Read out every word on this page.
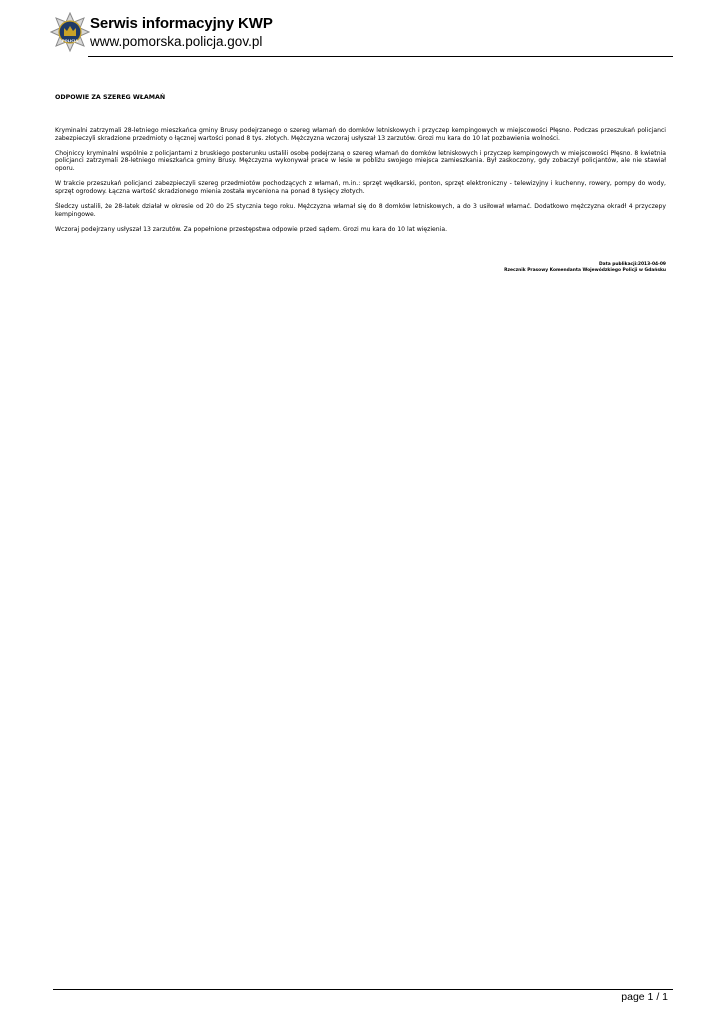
POLICJA
Serwis informacyjny KWP
www.pomorska.policja.gov.pl
ODPOWIE ZA SZEREG WŁAMAŃ

Kryminalni zatrzymali 28-letniego mieszkańca gminy Brusy podejrzanego o szereg włamań do domków letniskowych i przyczep kempingowych w miejscowości Płęsno. Podczas przeszukań policjanci zabezpieczyli skradzione przedmioty o łącznej wartości ponad 8 tys. złotych. Mężczyzna wczoraj usłyszał 13 zarzutów. Grozi mu kara do 10 lat pozbawienia wolności.

Chojniccy kryminalni wspólnie z policjantami z bruskiego posterunku ustalili osobę podejrzaną o szereg włamań do domków letniskowych i przyczep kempingowych w miejscowości Płęsno. 8 kwietnia policjanci zatrzymali 28-letniego mieszkańca gminy Brusy. Mężczyzna wykonywał prace w lesie w pobliżu swojego miejsca zamieszkania. Był zaskoczony, gdy zobaczył policjantów, ale nie stawiał oporu.

W trakcie przeszukań policjanci zabezpieczyli szereg przedmiotów pochodzących z włamań, m.in.: sprzęt wędkarski, ponton, sprzęt elektroniczny - telewizyjny i kuchenny, rowery, pompy do wody, sprzęt ogrodowy. Łączna wartość skradzionego mienia została wyceniona na ponad 8 tysięcy złotych.

Śledczy ustalili, że 28-latek działał w okresie od 20 do 25 stycznia tego roku. Mężczyzna włamał się do 8 domków letniskowych, a do 3 usiłował włamać. Dodatkowo mężczyzna okradł 4 przyczepy kempingowe.

Wczoraj podejrzany usłyszał 13 zarzutów. Za popełnione przestępstwa odpowie przed sądem. Grozi mu kara do 10 lat więzienia.

Data publikacji:2013-04-09
Rzecznik Prasowy Komendanta Wojewódzkiego Policji w Gdańsku
page 1 / 1
